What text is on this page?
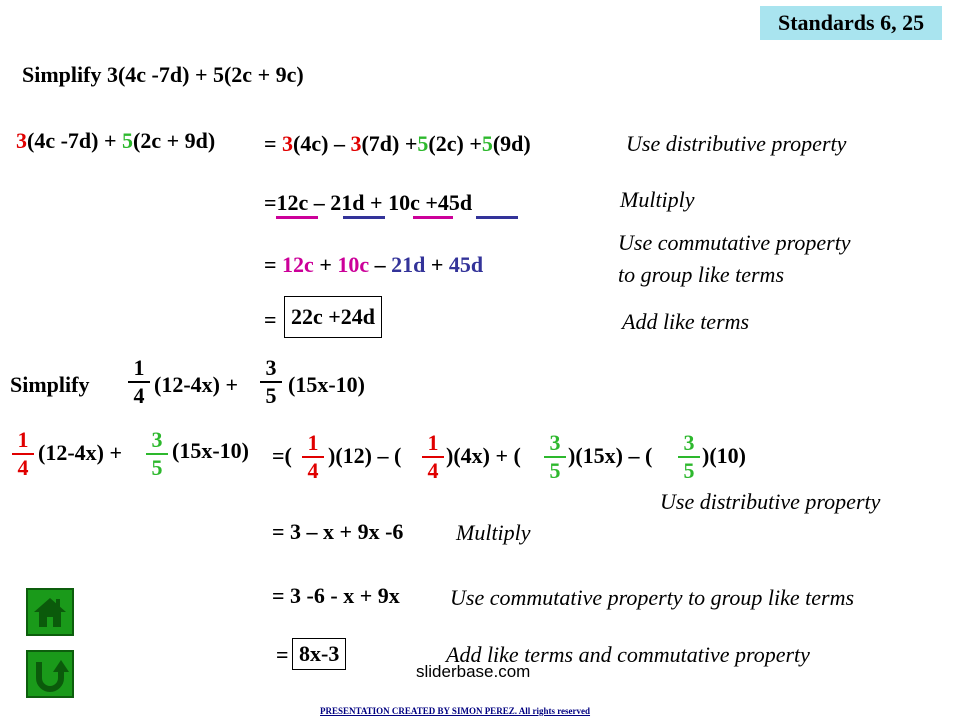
Standards 6, 25
Simplify 3(4c -7d) + 5(2c + 9c)
3(4c -7d) + 5(2c + 9d) = 3(4c) – 3(7d) +5(2c) +5(9d)	Use distributive property
=12c – 21d + 10c +45d	Multiply
= 12c + 10c – 21d + 45d
Use commutative property
to group like terms
= 22c +24d	Add like terms
Simplify
1
4 (12-4x) +
3
5 (15x-10)
1
4
(12-4x) +
3
5
(15x-10) =(
1
4
)(12) – (
1
4
)(4x) + (
3
5
)(15x) – (
3
5
)(10)
Use distributive property
= 3 – x + 9x -6 Multiply
= 3 -6 - x + 9x Use commutative property to group like terms
= 8x-3	Add like terms and commutative property
sliderbase.com
PRESENTATION CREATED BY SIMON PEREZ. All rights reserved
